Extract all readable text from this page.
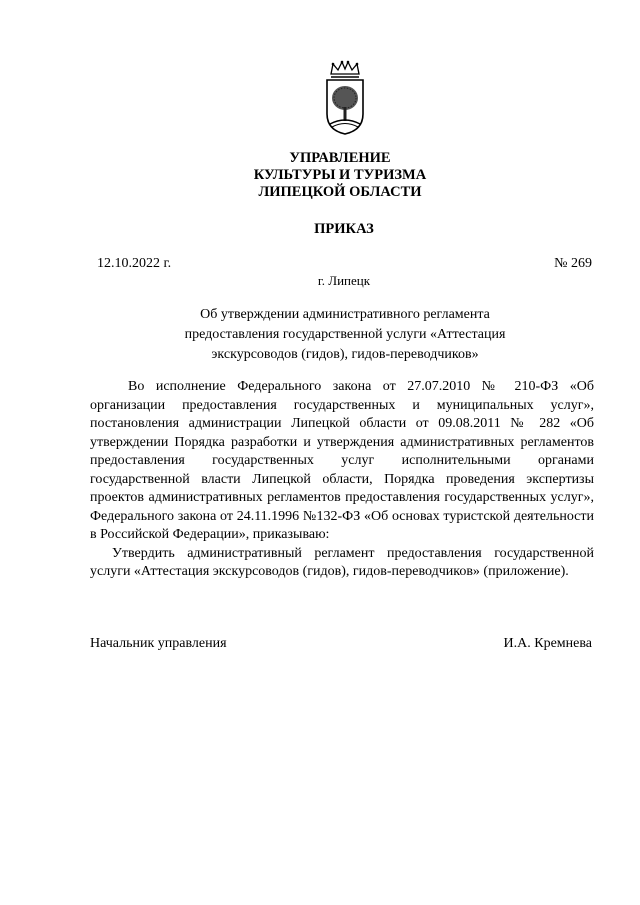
УПРАВЛЕНИЕ
КУЛЬТУРЫ И ТУРИЗМА
ЛИПЕЦКОЙ ОБЛАСТИ
ПРИКАЗ
12.10.2022 г.	№ 269
г. Липецк
Об утверждении административного регламента
предоставления государственной услуги «Аттестация
экскурсоводов (гидов), гидов-переводчиков»

Во исполнение Федерального закона от 27.07.2010 № 210-ФЗ «Об организации предоставления государственных и муниципальных услуг», постановления администрации Липецкой области от 09.08.2011 № 282 «Об утверждении Порядка разработки и утверждения административных регламентов предоставления государственных услуг исполнительными органами государственной власти Липецкой области, Порядка проведения экспертизы проектов административных регламентов предоставления государственных услуг», Федерального закона от 24.11.1996 №132-ФЗ «Об основах туристской деятельности в Российской Федерации», приказываю:

Утвердить административный регламент предоставления государственной услуги «Аттестация экскурсоводов (гидов), гидов-переводчиков» (приложение).

Начальник управления	И.А. Кремнева
